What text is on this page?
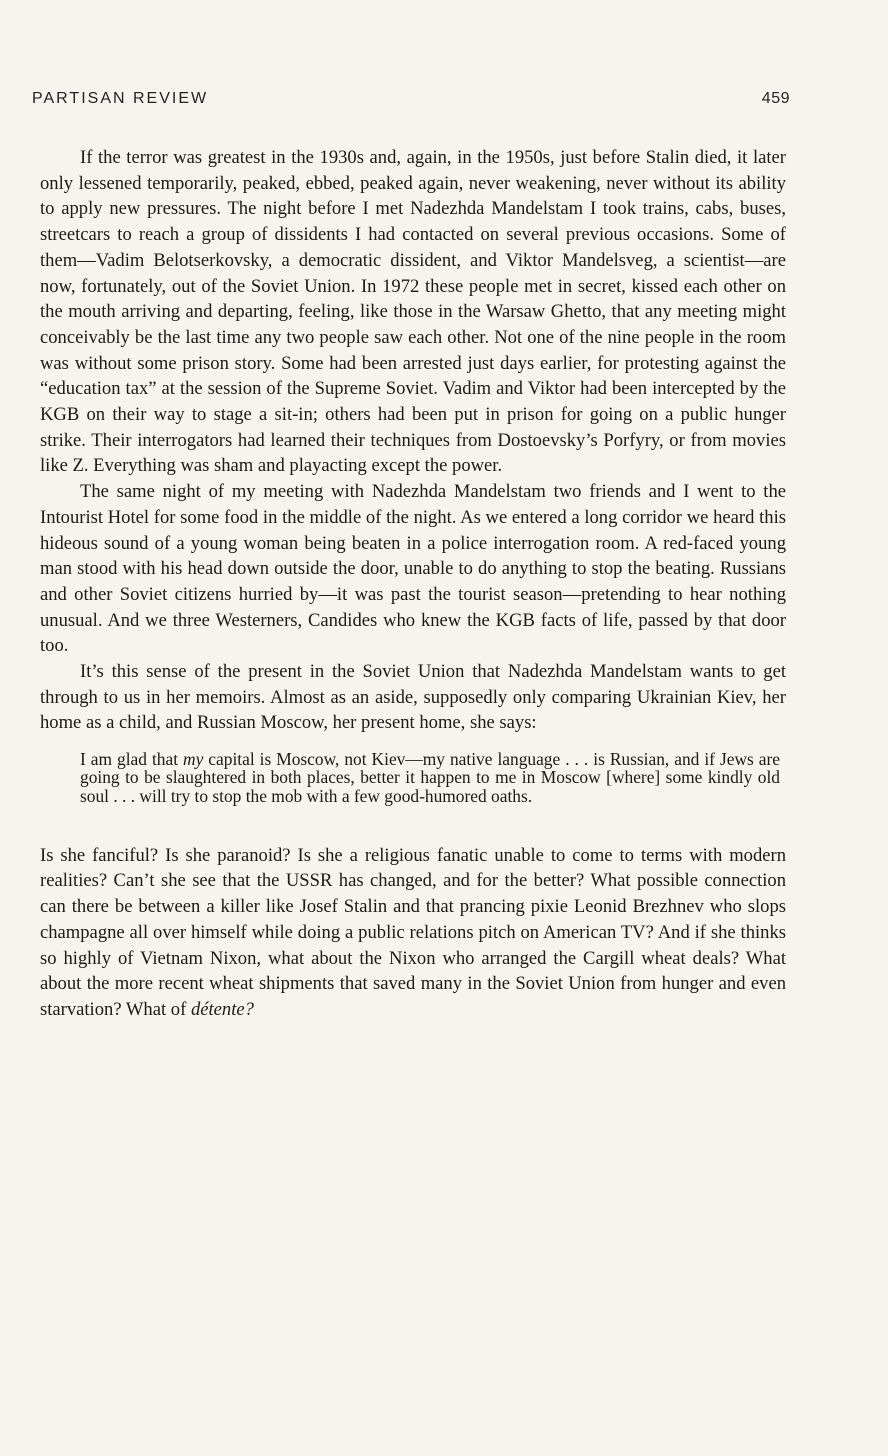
PARTISAN REVIEW	459

If the terror was greatest in the 1930s and, again, in the 1950s, just before Stalin died, it later only lessened temporarily, peaked, ebbed, peaked again, never weakening, never without its ability to apply new pressures. The night before I met Nadezhda Mandelstam I took trains, cabs, buses, streetcars to reach a group of dissidents I had contacted on several previous occasions. Some of them—Vadim Belotserkovsky, a democratic dissident, and Viktor Mandelsveg, a scientist—are now, fortunately, out of the Soviet Union. In 1972 these people met in secret, kissed each other on the mouth arriving and departing, feeling, like those in the Warsaw Ghetto, that any meeting might conceivably be the last time any two people saw each other. Not one of the nine people in the room was without some prison story. Some had been arrested just days earlier, for protesting against the “education tax” at the session of the Supreme Soviet. Vadim and Viktor had been intercepted by the KGB on their way to stage a sit-in; others had been put in prison for going on a public hunger strike. Their interrogators had learned their techniques from Dostoevsky’s Porfyry, or from movies like Z. Everything was sham and playacting except the power.

The same night of my meeting with Nadezhda Mandelstam two friends and I went to the Intourist Hotel for some food in the middle of the night. As we entered a long corridor we heard this hideous sound of a young woman being beaten in a police interrogation room. A red-faced young man stood with his head down outside the door, unable to do anything to stop the beating. Russians and other Soviet citizens hurried by—it was past the tourist season—pretending to hear nothing unusual. And we three Westerners, Candides who knew the KGB facts of life, passed by that door too.

It’s this sense of the present in the Soviet Union that Nadezhda Mandelstam wants to get through to us in her memoirs. Almost as an aside, supposedly only comparing Ukrainian Kiev, her home as a child, and Russian Moscow, her present home, she says:

I am glad that my capital is Moscow, not Kiev—my native language . . . is Russian, and if Jews are going to be slaughtered in both places, better it happen to me in Moscow [where] some kindly old soul . . . will try to stop the mob with a few good-humored oaths.

Is she fanciful? Is she paranoid? Is she a religious fanatic unable to come to terms with modern realities? Can’t she see that the USSR has changed, and for the better? What possible connection can there be between a killer like Josef Stalin and that prancing pixie Leonid Brezhnev who slops champagne all over himself while doing a public relations pitch on American TV? And if she thinks so highly of Vietnam Nixon, what about the Nixon who arranged the Cargill wheat deals? What about the more recent wheat shipments that saved many in the Soviet Union from hunger and even starvation? What of détente?
